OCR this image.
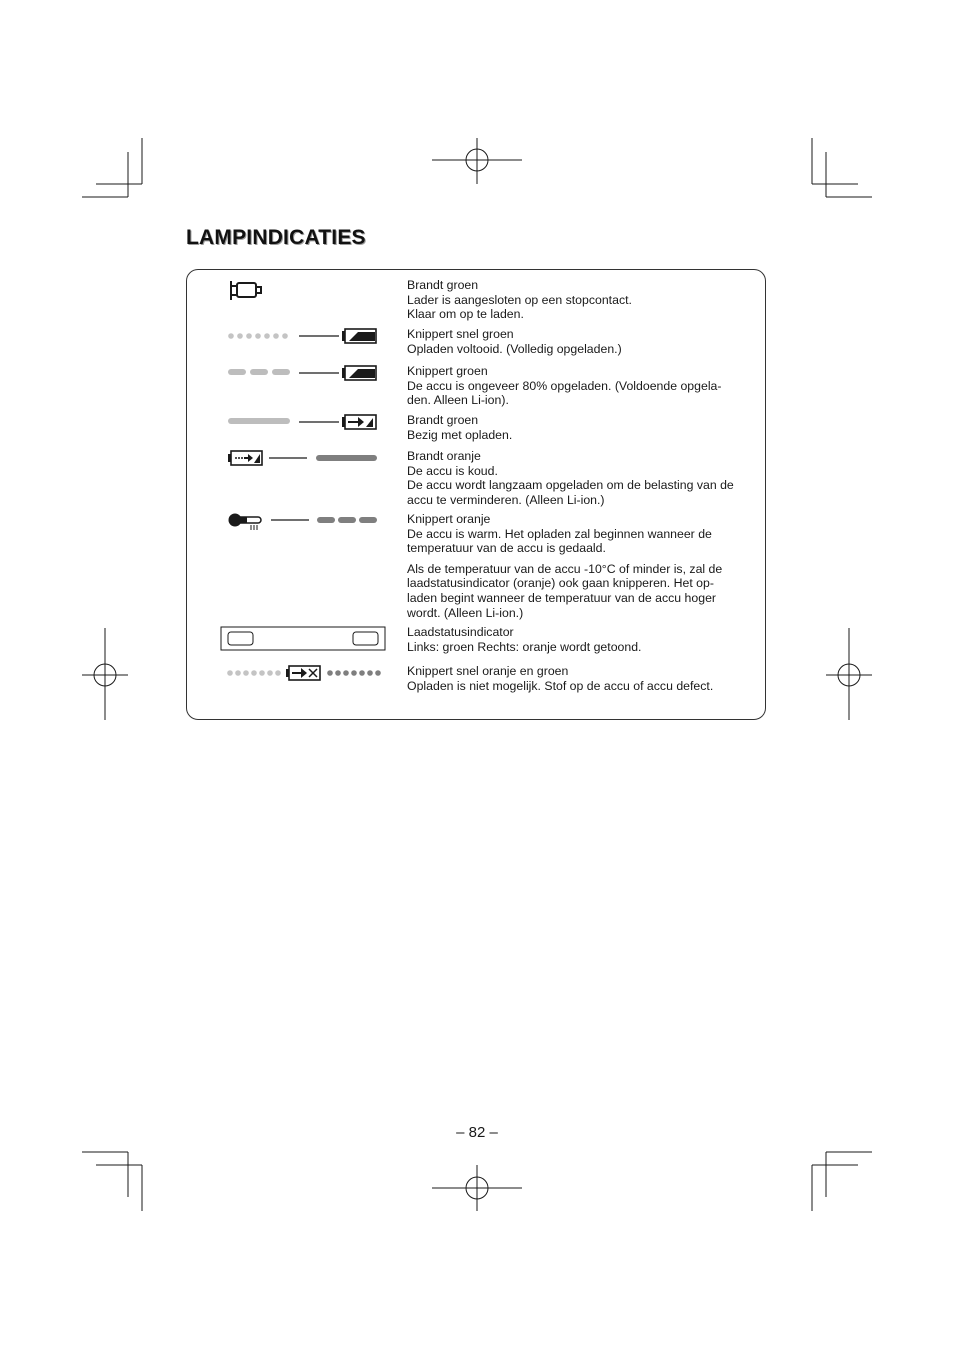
LAMPINDICATIES
Brandt groen
Lader is aangesloten op een stopcontact.
Klaar om op te laden.
Knippert snel groen
Opladen voltooid. (Volledig opgeladen.)
Knippert groen
De accu is ongeveer 80% opgeladen. (Voldoende opgela-
den. Alleen Li-ion).
Brandt groen
Bezig met opladen.
Brandt oranje
De accu is koud.
De accu wordt langzaam opgeladen om de belasting van de
accu te verminderen. (Alleen Li-ion.)
Knippert oranje
De accu is warm. Het opladen zal beginnen wanneer de
temperatuur van de accu is gedaald.
Als de temperatuur van de accu -10°C of minder is, zal de
laadstatusindicator (oranje) ook gaan knipperen. Het op-
laden begint wanneer de temperatuur van de accu hoger
wordt. (Alleen Li-ion.)
Laadstatusindicator
Links: groen Rechts: oranje wordt getoond.
Knippert snel oranje en groen
Opladen is niet mogelijk. Stof op de accu of accu defect.
– 82 –
